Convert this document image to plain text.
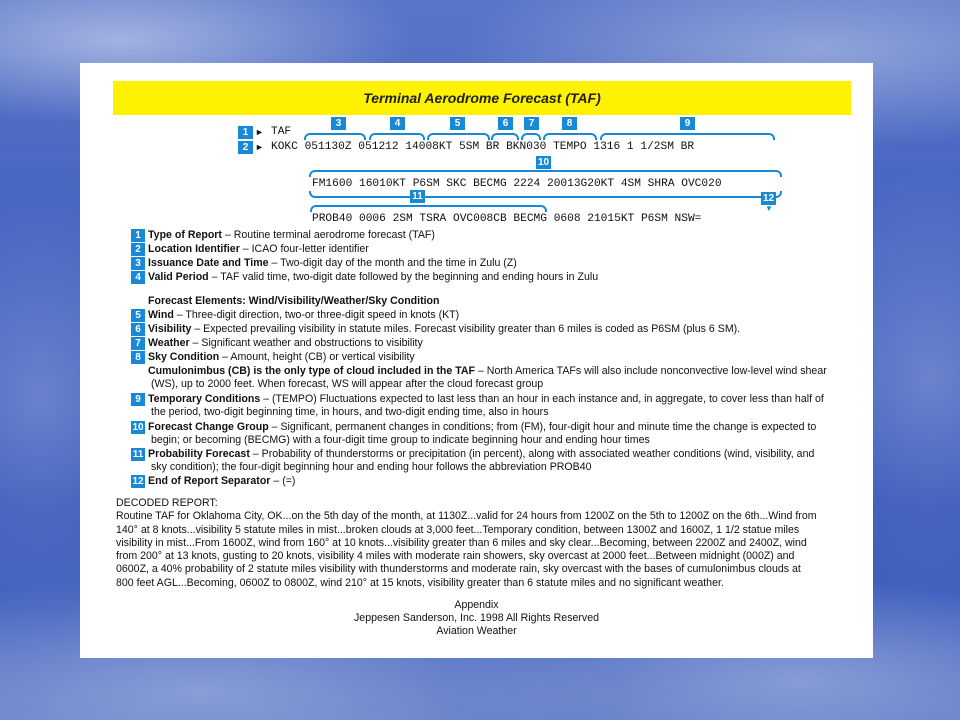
Terminal Aerodrome Forecast (TAF)
1 ►
2 ►
3	4	5	6	7	8	9
TAF
KOKC 051130Z 051212 14008KT 5SM BR BKN030 TEMPO 1316 1 1/2SM BR
10
FM1600 16010KT P6SM SKC BECMG 2224 20013G20KT 4SM SHRA OVC020
11	12
▼
PROB40 0006 2SM TSRA OVC008CB BECMG 0608 21015KT P6SM NSW=
1 Type of Report – Routine terminal aerodrome forecast (TAF)
2 Location Identifier – ICAO four-letter identifier
3 Issuance Date and Time – Two-digit day of the month and the time in Zulu (Z)
4 Valid Period – TAF valid time, two-digit date followed by the beginning and ending hours in Zulu
Forecast Elements: Wind/Visibility/Weather/Sky Condition
5 Wind – Three-digit direction, two-or three-digit speed in knots (KT)
6 Visibility – Expected prevailing visibility in statute miles. Forecast visibility greater than 6 miles is coded as P6SM (plus 6 SM).
7 Weather – Significant weather and obstructions to visibility
8 Sky Condition – Amount, height (CB) or vertical visibility
Cumulonimbus (CB) is the only type of cloud included in the TAF – North America TAFs will also include nonconvective low-level wind shear
(WS), up to 2000 feet. When forecast, WS will appear after the cloud forecast group
9 Temporary Conditions – (TEMPO) Fluctuations expected to last less than an hour in each instance and, in aggregate, to cover less than half of
the period, two-digit beginning time, in hours, and two-digit ending time, also in hours
10 Forecast Change Group – Significant, permanent changes in conditions; from (FM), four-digit hour and minute time the change is expected to
begin; or becoming (BECMG) with a four-digit time group to indicate beginning hour and ending hour times
11 Probability Forecast – Probability of thunderstorms or precipitation (in percent), along with associated weather conditions (wind, visibility, and
sky condition); the four-digit beginning hour and ending hour follows the abbreviation PROB40
12 End of Report Separator – (=)
DECODED REPORT:
Routine TAF for Oklahoma City, OK...on the 5th day of the month, at 1130Z...valid for 24 hours from 1200Z on the 5th to 1200Z on the 6th...Wind from
140° at 8 knots...visibility 5 statute miles in mist...broken clouds at 3,000 feet...Temporary condition, between 1300Z and 1600Z, 1 1/2 statue miles
visibility in mist...From 1600Z, wind from 160° at 10 knots...visibility greater than 6 miles and sky clear...Becoming, between 2200Z and 2400Z, wind
from 200° at 13 knots, gusting to 20 knots, visibility 4 miles with moderate rain showers, sky overcast at 2000 feet...Between midnight (000Z) and
0600Z, a 40% probability of 2 statute miles visibility with thunderstorms and moderate rain, sky overcast with the bases of cumulonimbus clouds at
800 feet AGL...Becoming, 0600Z to 0800Z, wind 210° at 15 knots, visibility greater than 6 statute miles and no significant weather.
Appendix
Jeppesen Sanderson, Inc. 1998 All Rights Reserved
Aviation Weather
